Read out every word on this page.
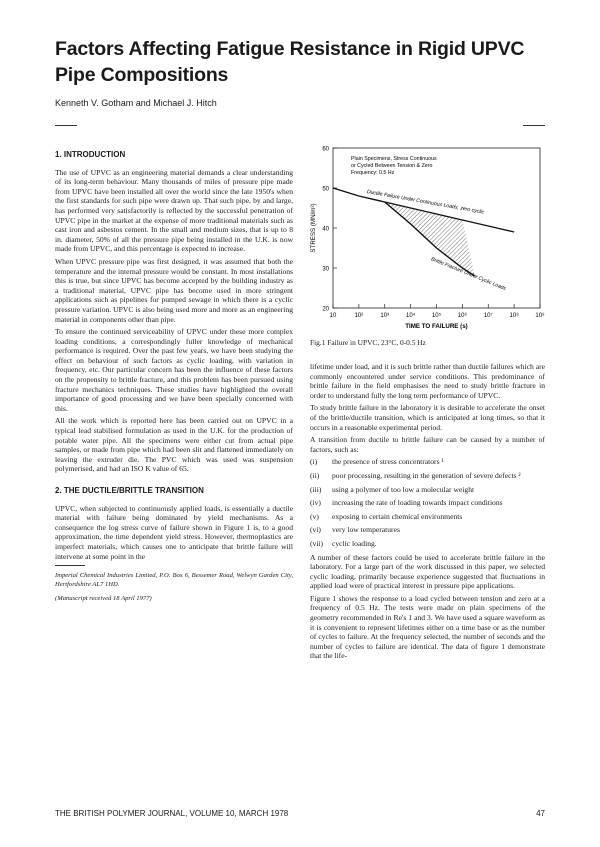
Factors Affecting Fatigue Resistance in Rigid UPVC Pipe Compositions
Kenneth V. Gotham and Michael J. Hitch
1. INTRODUCTION

The use of UPVC as an engineering material demands a clear understanding of its long-term behaviour. Many thousands of miles of pressure pipe made from UPVC have been installed all over the world since the late 1950's when the first standards for such pipe were drawn up. That such pipe, by and large, has performed very satisfactorily is reflected by the successful penetration of UPVC pipe in the market at the expense of more traditional materials such as cast iron and asbestos cement. In the small and medium sizes, that is up to 8 in. diameter, 50% of all the pressure pipe being installed in the U.K. is now made from UPVC, and this percentage is expected to increase.

When UPVC pressure pipe was first designed, it was assumed that both the temperature and the internal pressure would be constant. In most installations this is true, but since UPVC has become accepted by the building industry as a traditional material, UPVC pipe has become used in more stringent applications such as pipelines for pumped sewage in which there is a cyclic pressure variation. UPVC is also being used more and more as an engineering material in components other than pipe.

To ensure the continued serviceability of UPVC under these more complex loading conditions, a correspondingly fuller knowledge of mechanical performance is required. Over the past few years, we have been studying the effect on behaviour of such factors as cyclic loading, with variation in frequency, etc. Our particular concern has been the influence of these factors on the propensity to brittle fracture, and this problem has been pursued using fracture mechanics techniques. These studies have highlighted the overall importance of good processing and we have been specially concerned with this.

All the work which is reported here has been carried out on UPVC in a typical lead stabilised formulation as used in the U.K. for the production of potable water pipe. All the specimens were either cut from actual pipe samples, or made from pipe which had been slit and flattened immediately on leaving the extruder die. The PVC which was used was suspension polymerised, and had an ISO K value of 65.

2. THE DUCTILE/BRITTLE TRANSITION

UPVC, when subjected to continuously applied loads, is essentially a ductile material with failure being dominated by yield mechanisms. As a consequence the log stress curve of failure shown in Figure 1 is, to a good approximation, the time dependent yield stress. However, thermoplastics are imperfect materials, which causes one to anticipate that brittle failure will intervene at some point in the

Imperial Chemical Industries Limited, P.O. Box 6, Bessemer Road, Welwyn Garden City, Hertfordshire AL7 1HD.
(Manuscript received 18 April 1977)
20
30
40
50
60
10	10²	10³	10⁴	10⁵	10⁶	10⁷	10⁸	10⁹
TIME TO FAILURE (s)
STRESS (MN/m²)
Plain Specimens, Stress Continuous
or Cycled Between Tension & Zero
Frequency: 0.5 Hz
Ductile Failure Under Continuous Loads, zero cyclic
Brittle Fracture Under Cyclic Loads
Fig.1 Failure in UPVC, 23°C, 0-0.5 Hz

lifetime under load, and it is such brittle rather than ductile failures which are commonly encountered under service conditions. This predominance of brittle failure in the field emphasises the need to study brittle fracture in order to understand fully the long term performance of UPVC.

To study brittle failure in the laboratory it is desirable to accelerate the onset of the brittle/ductile transition, which is anticipated at long times, so that it occurs in a reasonable experimental period.

A transition from ductile to brittle failure can be caused by a number of factors, such as:

(i)	the presence of stress concentrators ¹
(ii)	poor processing, resulting in the generation of severe defects ²
(iii)	using a polymer of too low a molecular weight
(iv)	increasing the rate of loading towards impact conditions
(v)	exposing to certain chemical environments
(vi)	very low temperatures
(vii)	cyclic loading.

A number of these factors could be used to accelerate brittle failure in the laboratory. For a large part of the work discussed in this paper, we selected cyclic loading, primarily because experience suggested that fluctuations in applied load were of practical interest in pressure pipe applications.

Figure 1 shows the response to a load cycled between tension and zero at a frequency of 0.5 Hz. The tests were made on plain specimens of the geometry recommended in Re's 1 and 3. We have used a square waveform as it is convenient to represent lifetimes either on a time base or as the number of cycles to failure. At the frequency selected, the number of seconds and the number of cycles to failure are identical. The data of figure 1 demonstrate that the life-

THE BRITISH POLYMER JOURNAL, VOLUME 10, MARCH 1978	47
